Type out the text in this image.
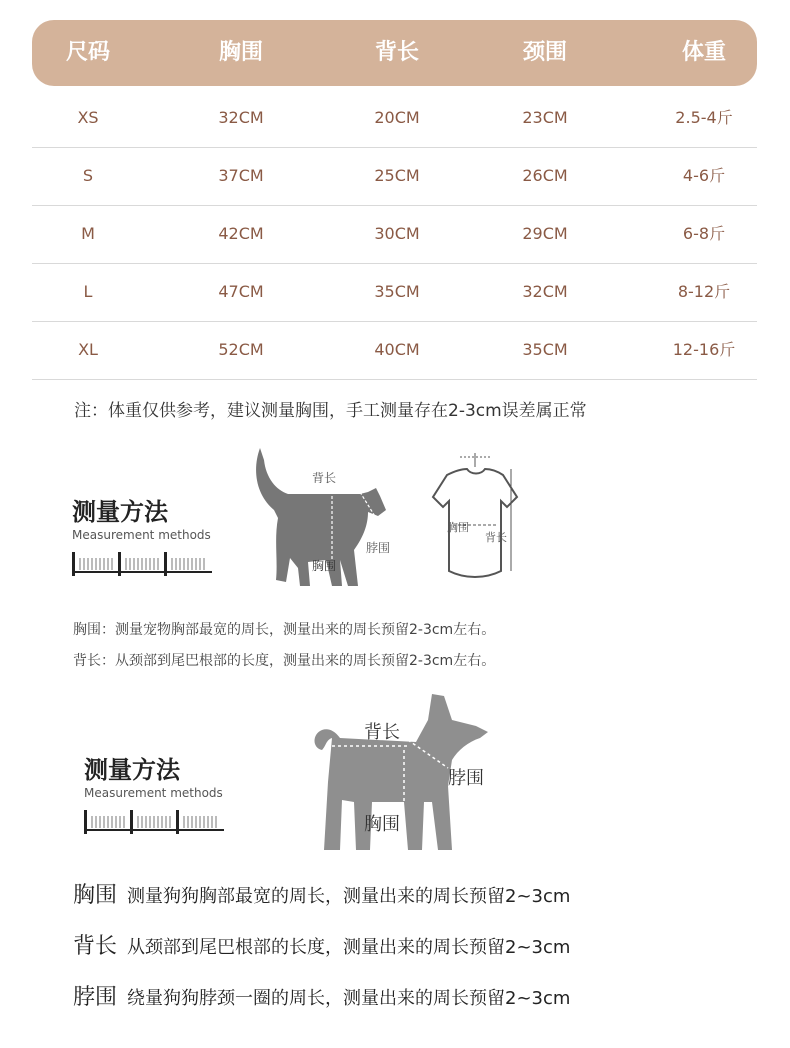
尺码	胸围	背长	颈围	体重
XS	32CM	20CM	23CM	2.5-4斤
S	37CM	25CM	26CM	4-6斤
M	42CM	30CM	29CM	6-8斤
L	47CM	35CM	32CM	8-12斤
XL	52CM	40CM	35CM	12-16斤
注：体重仅供参考，建议测量胸围，手工测量存在2-3cm误差属正常
测量方法
Measurement methods
背长
脖围
胸围
胸围
背长
胸围：测量宠物胸部最宽的周长，测量出来的周长预留2-3cm左右。
背长：从颈部到尾巴根部的长度，测量出来的周长预留2-3cm左右。
测量方法
Measurement methods
背长
脖围
胸围
胸围 测量狗狗胸部最宽的周长，测量出来的周长预留2~3cm
背长 从颈部到尾巴根部的长度，测量出来的周长预留2~3cm
脖围 绕量狗狗脖颈一圈的周长，测量出来的周长预留2~3cm
